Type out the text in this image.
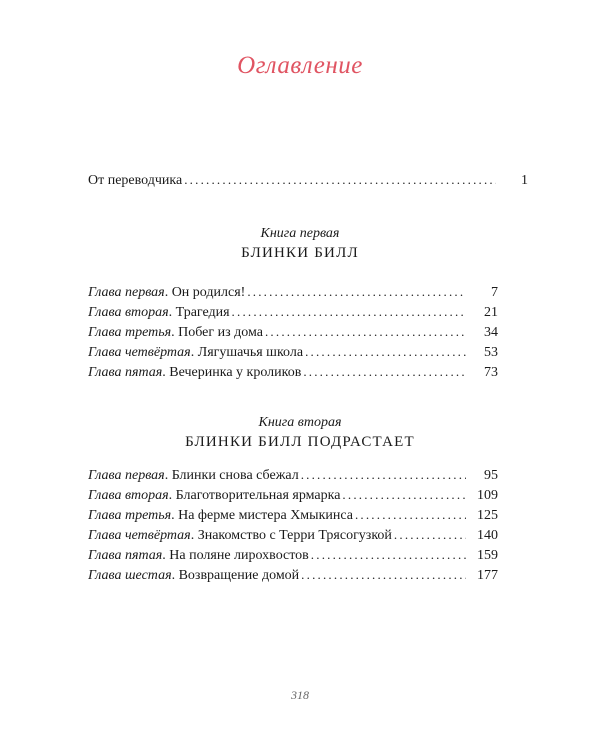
Оглавление
От переводчика .....	1
Книга первая
БЛИНКИ БИЛЛ
Глава первая . Он родился! .....	7
Глава вторая . Трагедия .....	21
Глава третья . Побег из дома .....	34
Глава четвёртая . Лягушачья школа .....	53
Глава пятая . Вечеринка у кроликов .....	73
Книга вторая
БЛИНКИ БИЛЛ ПОДРАСТАЕТ
Глава первая . Блинки снова сбежал .....	95
Глава вторая . Благотворительная ярмарка .....	109
Глава третья . На ферме мистера Хмыкинса .....	125
Глава четвёртая . Знакомство с Терри Трясогузкой .....	140
Глава пятая . На поляне лирохвостов .....	159
Глава шестая . Возвращение домой .....	177
318
